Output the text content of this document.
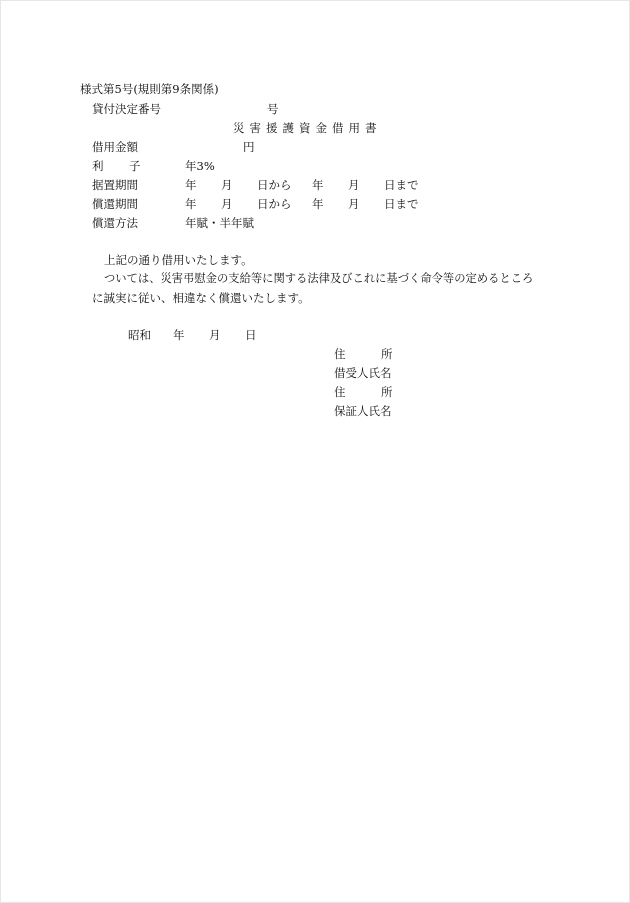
様式第5号(規則第9条関係)
貸付決定番号	号
災害援護資金借用書
借用金額	円
利 子	年3%
据置期間	年 月 日から 年 月 日まで
償還期間	年 月 日から 年 月 日まで
償還方法	年賦・半年賦
上記の通り借用いたします。
ついては、災害弔慰金の支給等に関する法律及びこれに基づく命令等の定めるところ
に誠実に従い、相違なく償還いたします。
昭和 年 月 日
住	所
借受人氏名
住	所
保証人氏名
